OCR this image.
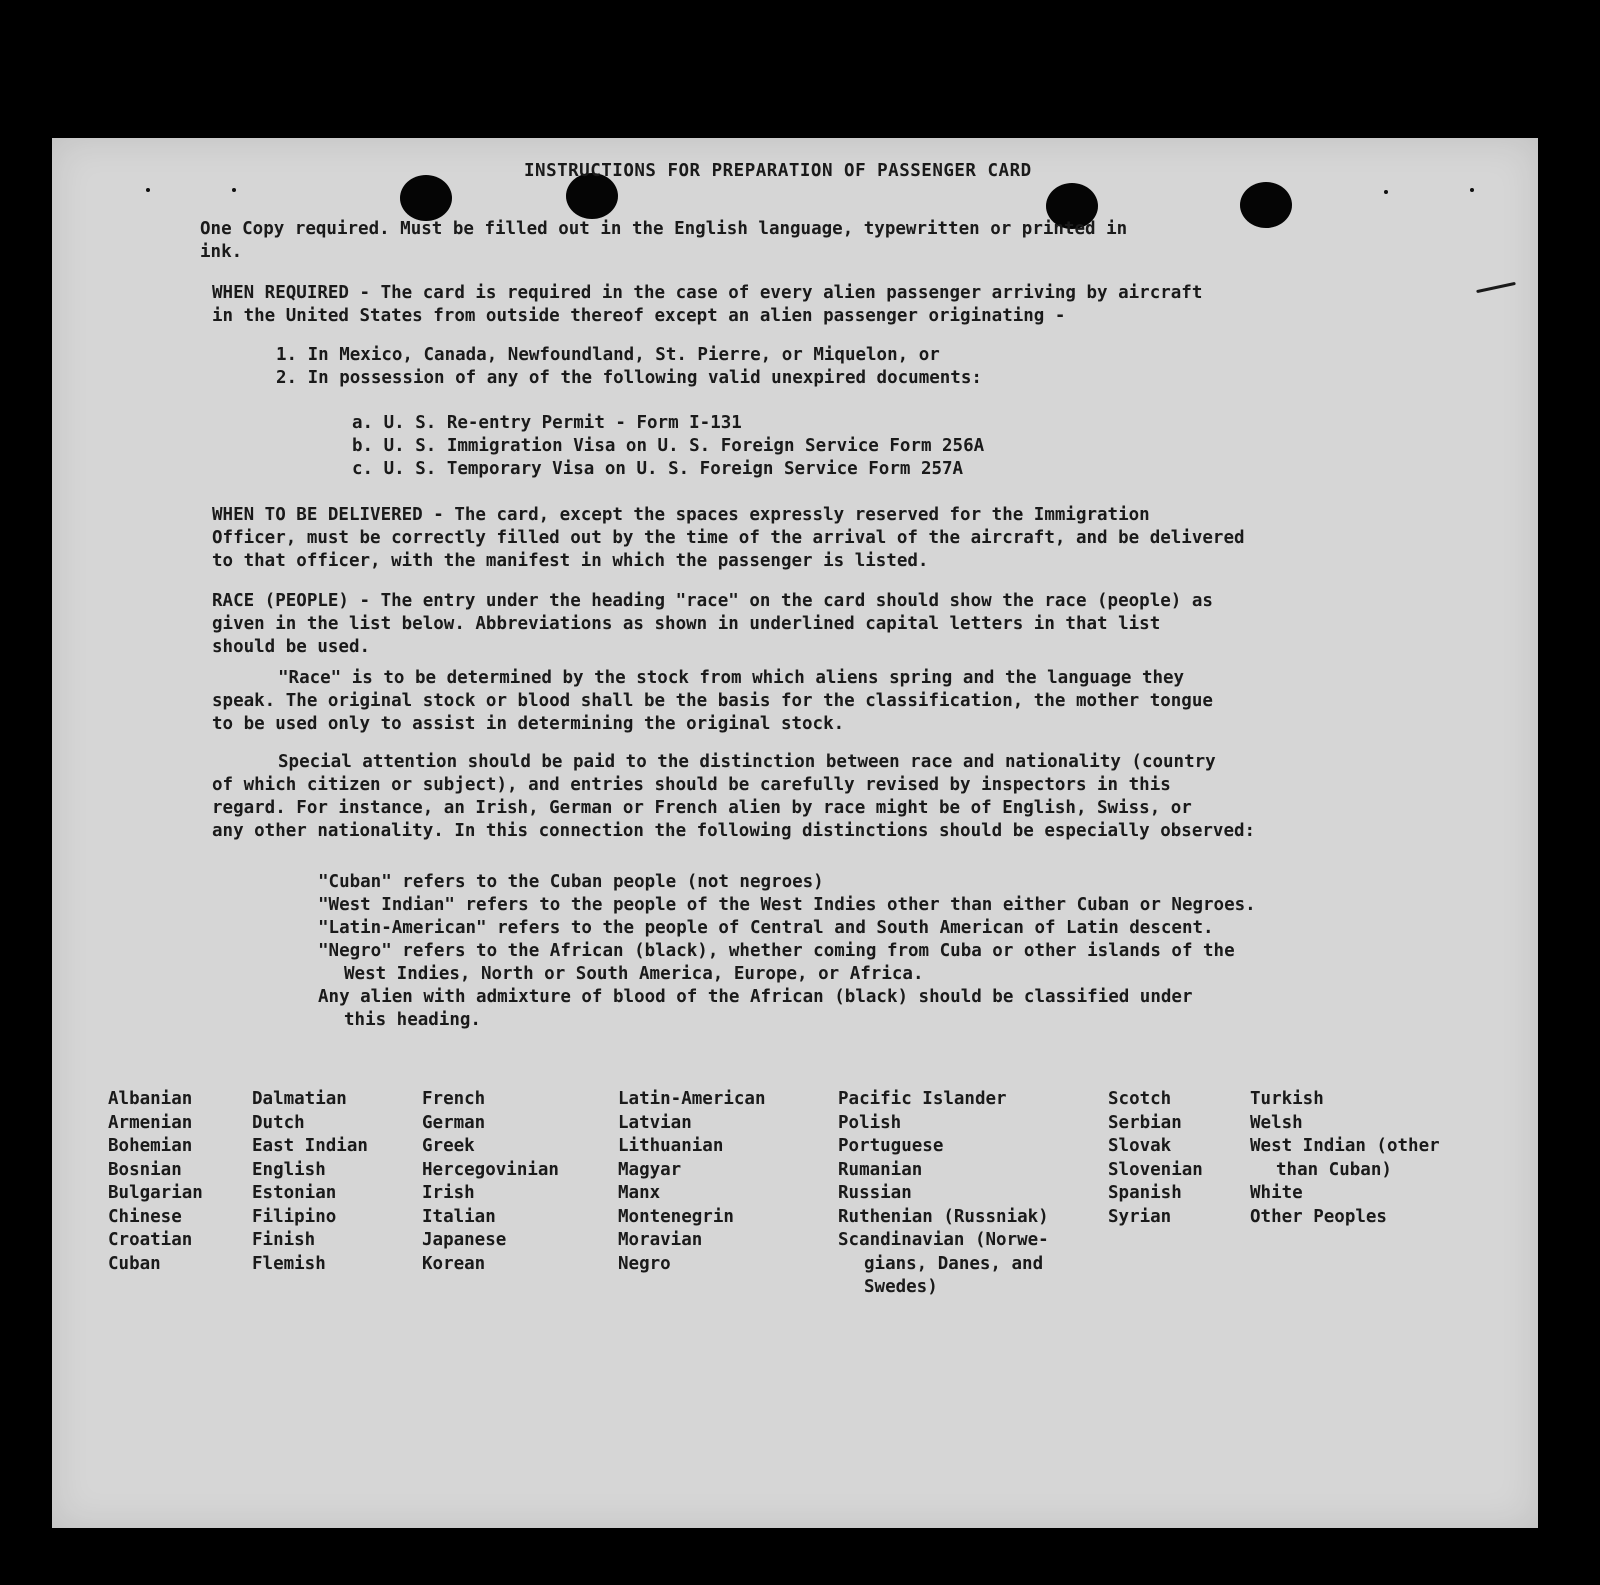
INSTRUCTIONS FOR PREPARATION OF PASSENGER CARD

One Copy required. Must be filled out in the English language, typewritten or printed in

ink.

WHEN REQUIRED - The card is required in the case of every alien passenger arriving by aircraft

in the United States from outside thereof except an alien passenger originating -

1. In Mexico, Canada, Newfoundland, St. Pierre, or Miquelon, or

2. In possession of any of the following valid unexpired documents:

a. U. S. Re-entry Permit - Form I-131

b. U. S. Immigration Visa on U. S. Foreign Service Form 256A

c. U. S. Temporary Visa on U. S. Foreign Service Form 257A

WHEN TO BE DELIVERED - The card, except the spaces expressly reserved for the Immigration

Officer, must be correctly filled out by the time of the arrival of the aircraft, and be delivered

to that officer, with the manifest in which the passenger is listed.

RACE (PEOPLE) - The entry under the heading "race" on the card should show the race (people) as

given in the list below. Abbreviations as shown in underlined capital letters in that list

should be used.

"Race" is to be determined by the stock from which aliens spring and the language they

speak. The original stock or blood shall be the basis for the classification, the mother tongue

to be used only to assist in determining the original stock.

Special attention should be paid to the distinction between race and nationality (country

of which citizen or subject), and entries should be carefully revised by inspectors in this

regard. For instance, an Irish, German or French alien by race might be of English, Swiss, or

any other nationality. In this connection the following distinctions should be especially observed:

"Cuban" refers to the Cuban people (not negroes)

"West Indian" refers to the people of the West Indies other than either Cuban or Negroes.

"Latin-American" refers to the people of Central and South American of Latin descent.

"Negro" refers to the African (black), whether coming from Cuba or other islands of the

West Indies, North or South America, Europe, or Africa.

Any alien with admixture of blood of the African (black) should be classified under

this heading.

Albanian
Armenian
Bohemian
Bosnian
Bulgarian
Chinese
Croatian
Cuban
Dalmatian
Dutch
East Indian
English
Estonian
Filipino
Finish
Flemish
French
German
Greek
Hercegovinian
Irish
Italian
Japanese
Korean
Latin-American
Latvian
Lithuanian
Magyar
Manx
Montenegrin
Moravian
Negro
Pacific Islander
Polish
Portuguese
Rumanian
Russian
Ruthenian (Russniak)
Scandinavian (Norwe-
gians, Danes, and
Swedes)
Scotch
Serbian
Slovak
Slovenian
Spanish
Syrian
Turkish
Welsh
West Indian (other
than Cuban)
White
Other Peoples
